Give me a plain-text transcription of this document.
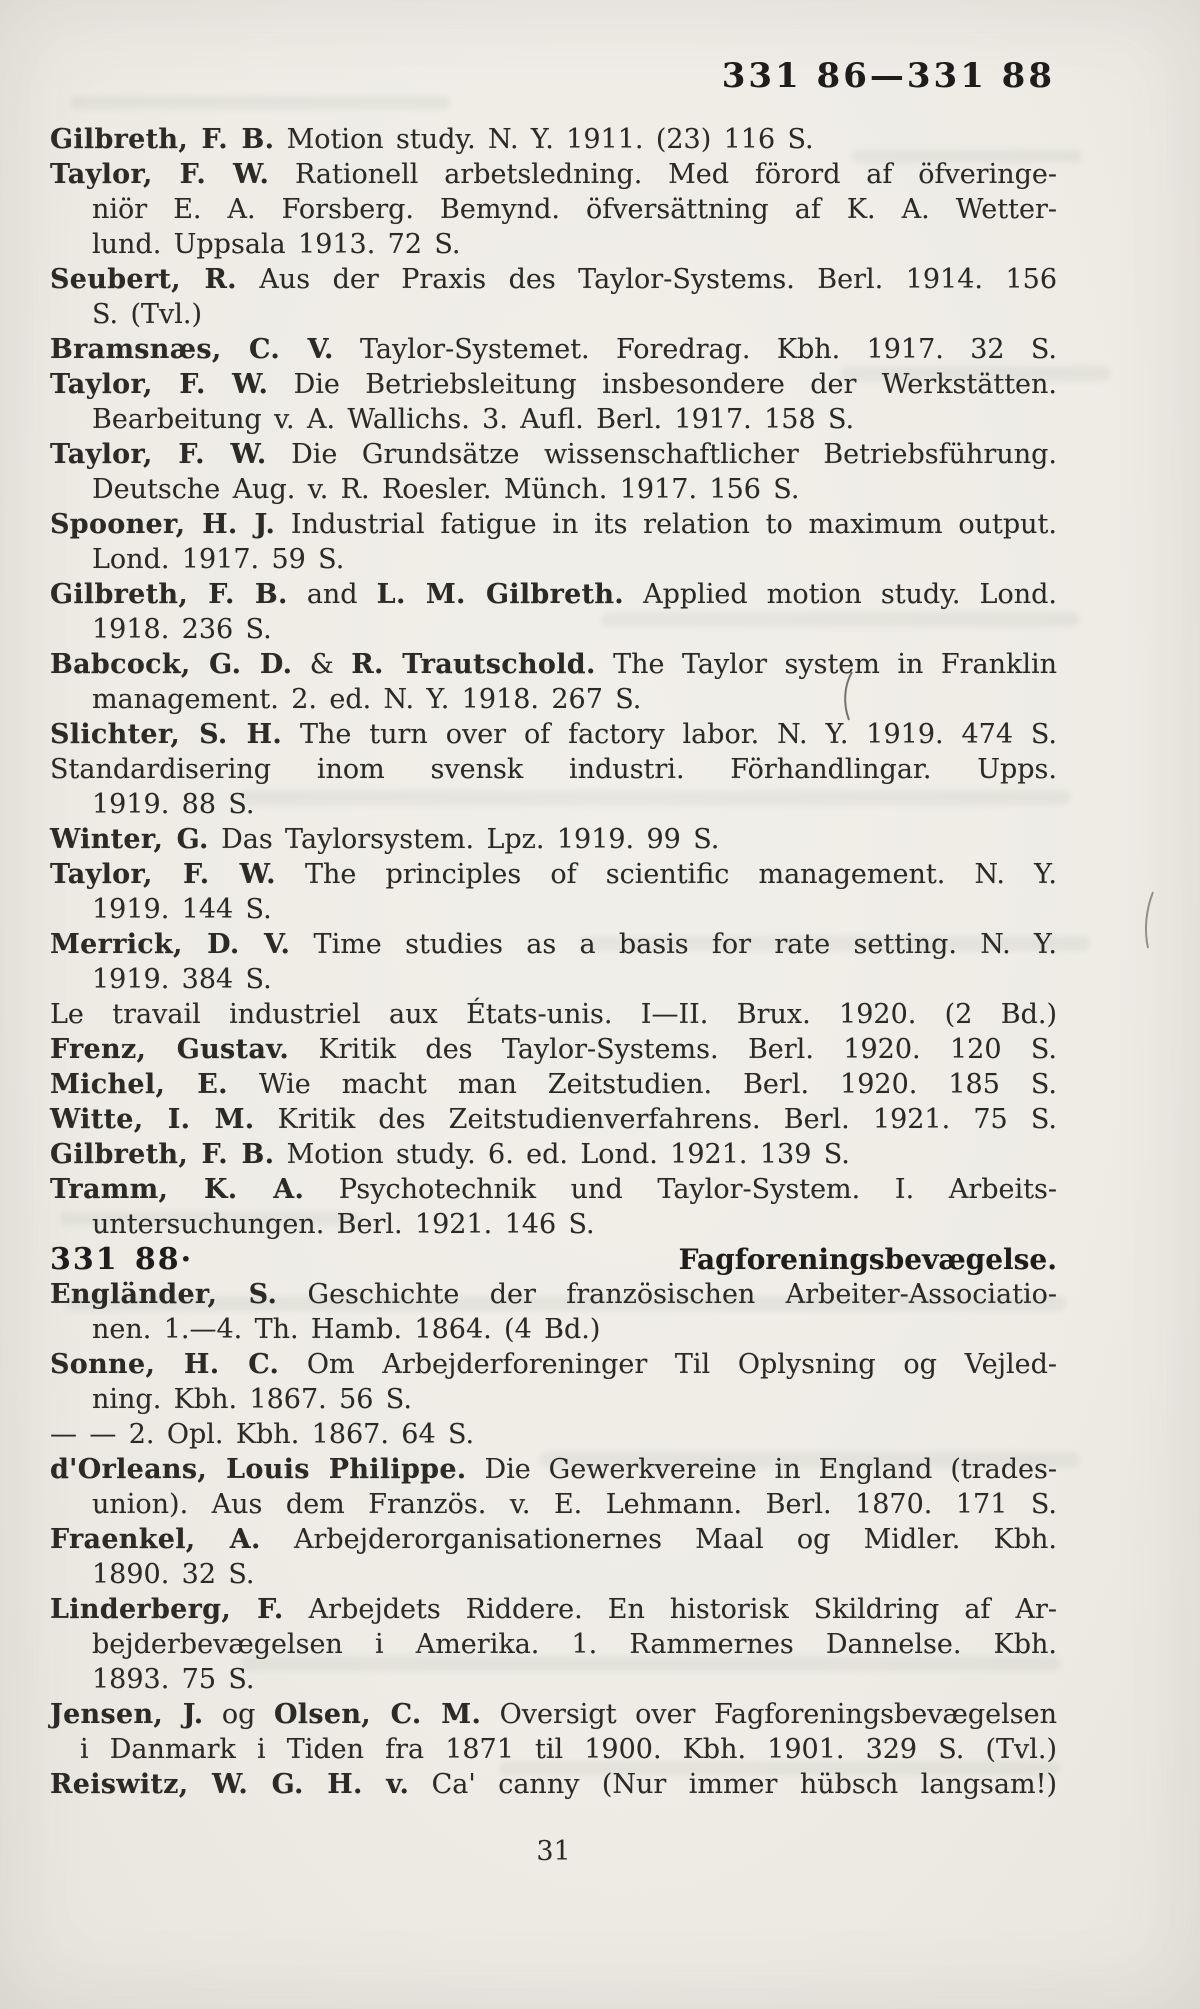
331 86—331 88
Gilbreth, F. B. Motion study. N. Y. 1911. (23) 116 S.
Taylor, F. W. Rationell arbetsledning. Med förord af öfveringe-
niör E. A. Forsberg. Bemynd. öfversättning af K. A. Wetter-
lund. Uppsala 1913. 72 S.
Seubert, R. Aus der Praxis des Taylor-Systems. Berl. 1914. 156
S. (Tvl.)
Bramsnæs, C. V. Taylor-Systemet. Foredrag. Kbh. 1917. 32 S.
Taylor, F. W. Die Betriebsleitung insbesondere der Werkstätten.
Bearbeitung v. A. Wallichs. 3. Aufl. Berl. 1917. 158 S.
Taylor, F. W. Die Grundsätze wissenschaftlicher Betriebsführung.
Deutsche Aug. v. R. Roesler. Münch. 1917. 156 S.
Spooner, H. J. Industrial fatigue in its relation to maximum output.
Lond. 1917. 59 S.
Gilbreth, F. B. and L. M. Gilbreth. Applied motion study. Lond.
1918. 236 S.
Babcock, G. D. & R. Trautschold. The Taylor system in Franklin
management. 2. ed. N. Y. 1918. 267 S.
Slichter, S. H. The turn over of factory labor. N. Y. 1919. 474 S.
Standardisering inom svensk industri. Förhandlingar. Upps.
1919. 88 S.
Winter, G. Das Taylorsystem. Lpz. 1919. 99 S.
Taylor, F. W. The principles of scientific management. N. Y.
1919. 144 S.
Merrick, D. V. Time studies as a basis for rate setting. N. Y.
1919. 384 S.
Le travail industriel aux États-unis. I—II. Brux. 1920. (2 Bd.)
Frenz, Gustav. Kritik des Taylor-Systems. Berl. 1920. 120 S.
Michel, E. Wie macht man Zeitstudien. Berl. 1920. 185 S.
Witte, I. M. Kritik des Zeitstudienverfahrens. Berl. 1921. 75 S.
Gilbreth, F. B. Motion study. 6. ed. Lond. 1921. 139 S.
Tramm, K. A. Psychotechnik und Taylor-System. I. Arbeits-
untersuchungen. Berl. 1921. 146 S.
331 88·	Fagforeningsbevægelse.
Engländer, S. Geschichte der französischen Arbeiter-Associatio-
nen. 1.—4. Th. Hamb. 1864. (4 Bd.)
Sonne, H. C. Om Arbejderforeninger Til Oplysning og Vejled-
ning. Kbh. 1867. 56 S.
— — 2. Opl. Kbh. 1867. 64 S.
d'Orleans, Louis Philippe. Die Gewerkvereine in England (trades-
union). Aus dem Französ. v. E. Lehmann. Berl. 1870. 171 S.
Fraenkel, A. Arbejderorganisationernes Maal og Midler. Kbh.
1890. 32 S.
Linderberg, F. Arbejdets Riddere. En historisk Skildring af Ar-
bejderbevægelsen i Amerika. 1. Rammernes Dannelse. Kbh.
1893. 75 S.
Jensen, J. og Olsen, C. M. Oversigt over Fagforeningsbevægelsen
i Danmark i Tiden fra 1871 til 1900. Kbh. 1901. 329 S. (Tvl.)
Reiswitz, W. G. H. v. Ca' canny (Nur immer hübsch langsam!)
31
